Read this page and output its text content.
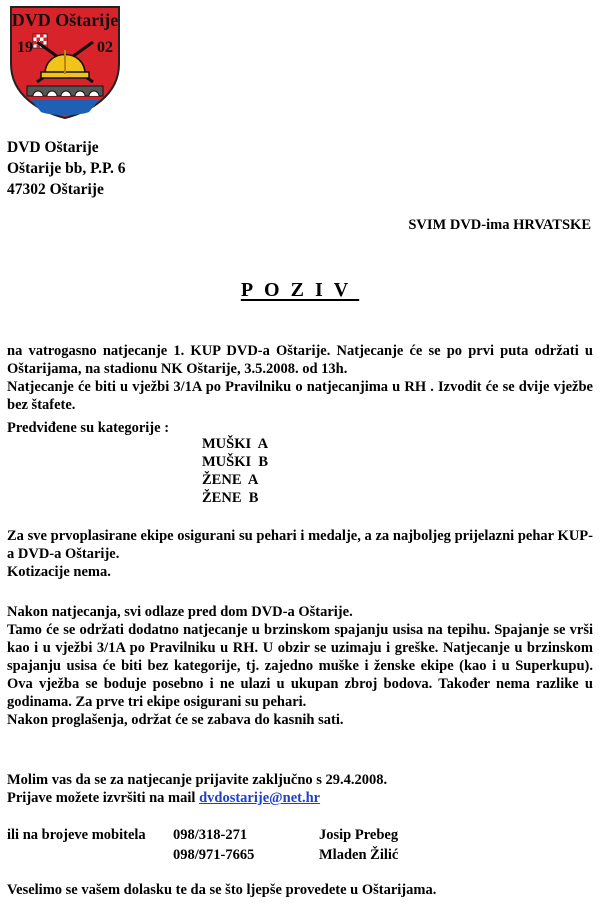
DVD Oštarije
19	02
DVD Oštarije
Oštarije bb, P.P. 6
47302 Oštarije
SVIM DVD-ima HRVATSKE
POZIV
na vatrogasno natjecanje 1. KUP DVD-a Oštarije. Natjecanje će se po prvi puta održati u Oštarijama, na stadionu NK Oštarije, 3.5.2008. od 13h.
Natjecanje će biti u vježbi 3/1A po Pravilniku o natjecanjima u RH . Izvodit će se dvije vježbe bez štafete.
Predviđene su kategorije :
MUŠKI  A
MUŠKI  B
ŽENE  A
ŽENE  B
Za sve prvoplasirane ekipe osigurani su pehari i medalje, a za najboljeg prijelazni pehar KUP-a DVD-a Oštarije.
Kotizacije nema.
Nakon natjecanja, svi odlaze pred dom DVD-a Oštarije.
Tamo će se održati dodatno natjecanje u brzinskom spajanju usisa na tepihu. Spajanje se vrši kao i u vježbi 3/1A po Pravilniku u RH. U obzir se uzimaju i greške. Natjecanje u brzinskom spajanju usisa će biti bez kategorije, tj. zajedno muške i ženske ekipe (kao i u Superkupu). Ova vježba se boduje posebno i ne ulazi u ukupan zbroj bodova. Također nema razlike u godinama. Za prve tri ekipe osigurani su pehari.
Nakon proglašenja, održat će se zabava do kasnih sati.
Molim vas da se za natjecanje prijavite zaključno s 29.4.2008.
Prijave možete izvršiti na mail dvdostarije@net.hr
ili na brojeve mobitela 098/318-271	Josip Prebeg
098/971-7665	Mladen Žilić
Veselimo se vašem dolasku te da se što ljepše provedete u Oštarijama.
